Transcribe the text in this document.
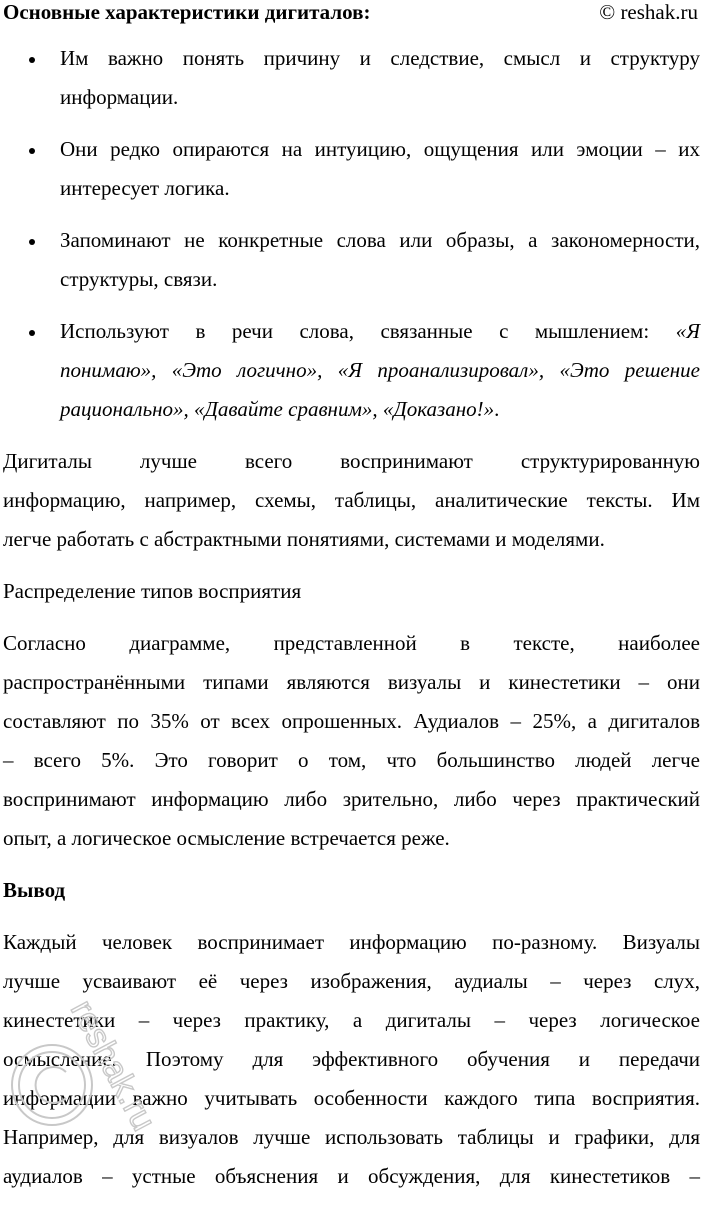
Основные характеристики дигиталов:	© reshak.ru
Им важно понять причину и следствие, смысл и структуру
информации.
Они редко опираются на интуицию, ощущения или эмоции – их
интересует логика.
Запоминают не конкретные слова или образы, а закономерности,
структуры, связи.
Используют в речи слова, связанные с мышлением: «Я
понимаю», «Это логично», «Я проанализировал», «Это решение
рационально», «Давайте сравним», «Доказано!».
Дигиталы лучше всего воспринимают структурированную
информацию, например, схемы, таблицы, аналитические тексты. Им
легче работать с абстрактными понятиями, системами и моделями.
Распределение типов восприятия
Согласно диаграмме, представленной в тексте, наиболее
распространёнными типами являются визуалы и кинестетики – они
составляют по 35% от всех опрошенных. Аудиалов – 25%, а дигиталов
– всего 5%. Это говорит о том, что большинство людей легче
воспринимают информацию либо зрительно, либо через практический
опыт, а логическое осмысление встречается реже.
Вывод
Каждый человек воспринимает информацию по-разному. Визуалы
лучше усваивают её через изображения, аудиалы – через слух,
кинестетики – через практику, а дигиталы – через логическое
осмысление. Поэтому для эффективного обучения и передачи
информации важно учитывать особенности каждого типа восприятия.
Например, для визуалов лучше использовать таблицы и графики, для
аудиалов – устные объяснения и обсуждения, для кинестетиков –
reshak.ru
